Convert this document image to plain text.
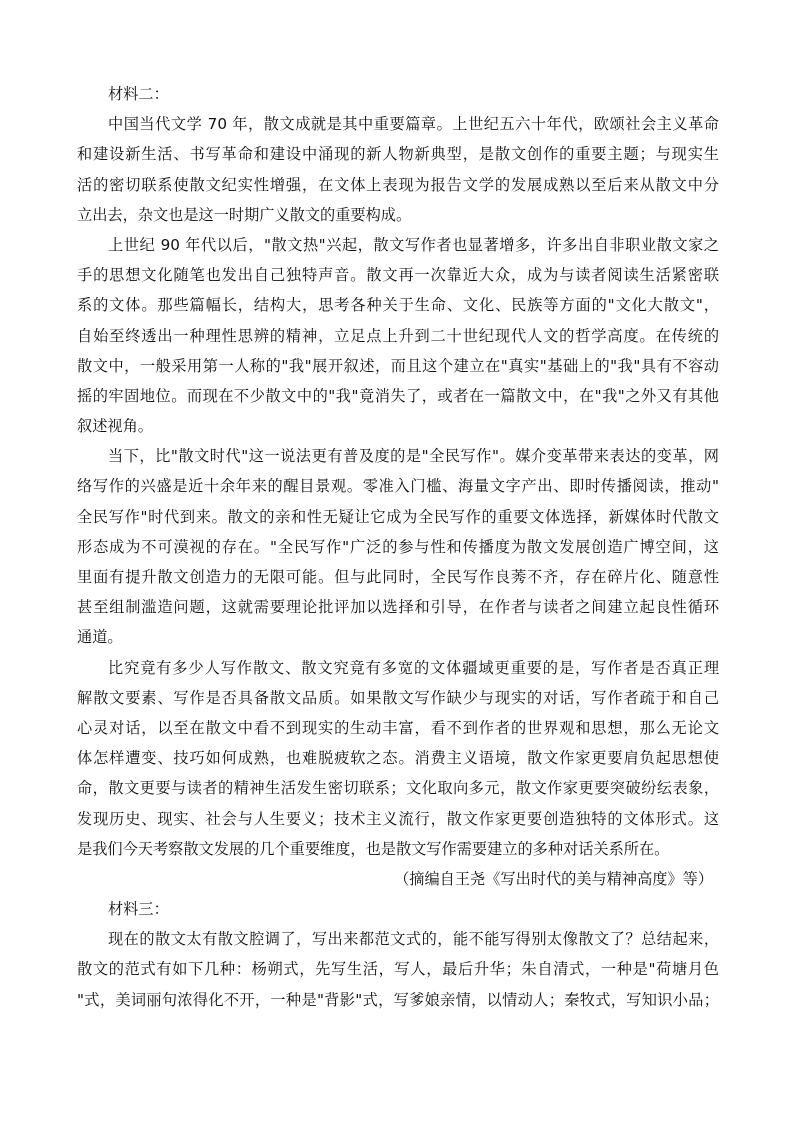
材料二：
中国当代文学 70 年，散文成就是其中重要篇章。上世纪五六十年代，欧颂社会主义革命
和建设新生活、书写革命和建设中涌现的新人物新典型，是散文创作的重要主题；与现实生
活的密切联系使散文纪实性增强，在文体上表现为报告文学的发展成熟以至后来从散文中分
立出去，杂文也是这一时期广义散文的重要构成。
上世纪 90 年代以后，"散文热"兴起，散文写作者也显著增多，许多出自非职业散文家之
手的思想文化随笔也发出自己独特声音。散文再一次靠近大众，成为与读者阅读生活紧密联
系的文体。那些篇幅长，结构大，思考各种关于生命、文化、民族等方面的"文化大散文"，
自始至终透出一种理性思辨的精神，立足点上升到二十世纪现代人文的哲学高度。在传统的
散文中，一般采用第一人称的"我"展开叙述，而且这个建立在"真实"基础上的"我"具有不容动
摇的牢固地位。而现在不少散文中的"我"竟消失了，或者在一篇散文中，在"我"之外又有其他
叙述视角。
当下，比"散文时代"这一说法更有普及度的是"全民写作"。媒介变革带来表达的变革，网
络写作的兴盛是近十余年来的醒目景观。零准入门槛、海量文字产出、即时传播阅读，推动"
全民写作"时代到来。散文的亲和性无疑让它成为全民写作的重要文体选择，新媒体时代散文
形态成为不可漠视的存在。"全民写作"广泛的参与性和传播度为散文发展创造广博空间，这
里面有提升散文创造力的无限可能。但与此同时，全民写作良莠不齐，存在碎片化、随意性
甚至组制滥造问题，这就需要理论批评加以选择和引导，在作者与读者之间建立起良性循环
通道。
比究竟有多少人写作散文、散文究竟有多宽的文体疆域更重要的是，写作者是否真正理
解散文要素、写作是否具备散文品质。如果散文写作缺少与现实的对话，写作者疏于和自己
心灵对话，以至在散文中看不到现实的生动丰富，看不到作者的世界观和思想，那么无论文
体怎样遭变、技巧如何成熟，也难脱疲软之态。消费主义语境，散文作家更要肩负起思想使
命，散文更要与读者的精神生活发生密切联系；文化取向多元，散文作家更要突破纷纭表象，
发现历史、现实、社会与人生要义；技术主义流行，散文作家更要创造独特的文体形式。这
是我们今天考察散文发展的几个重要维度，也是散文写作需要建立的多种对话关系所在。
（摘编自王尧《写出时代的美与精神高度》等）
材料三：
现在的散文太有散文腔调了，写出来都范文式的，能不能写得别太像散文了？总结起来，
散文的范式有如下几种：杨朔式，先写生活，写人，最后升华；朱自清式，一种是"荷塘月色
"式，美词丽句浓得化不开，一种是"背影"式，写爹娘亲情，以情动人；秦牧式，写知识小品；
